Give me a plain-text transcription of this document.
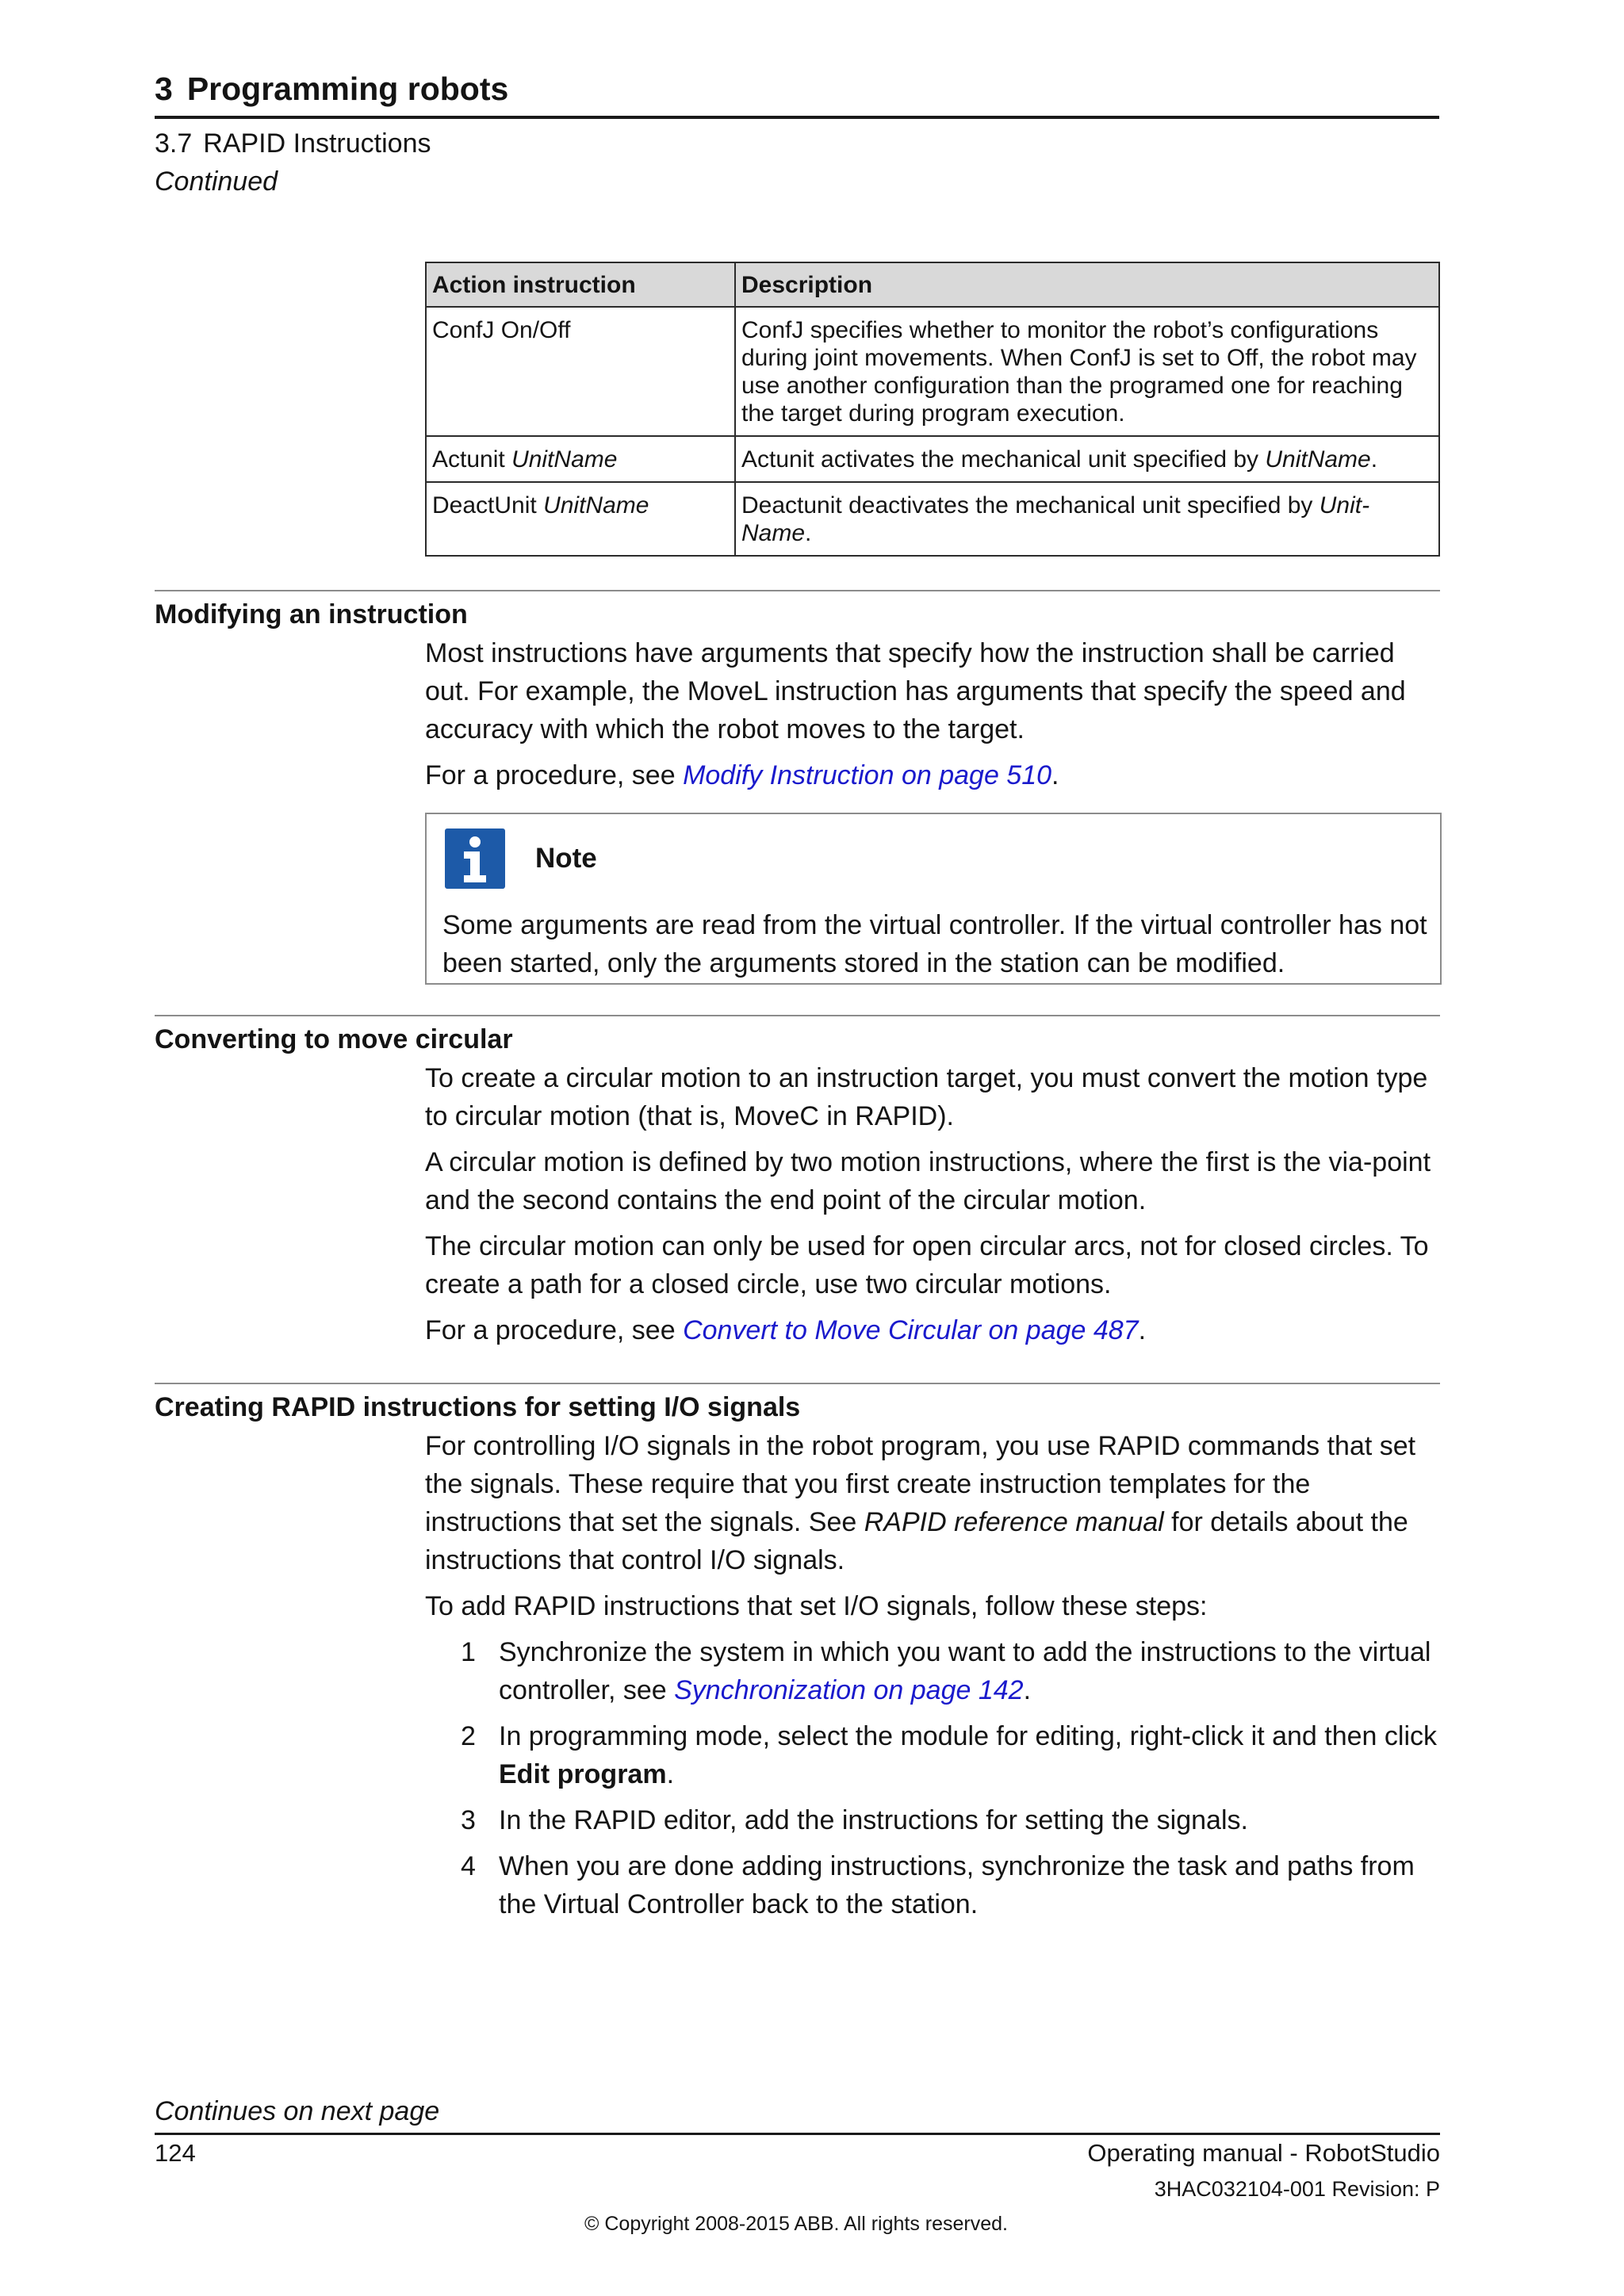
3 Programming robots
3.7 RAPID Instructions
Continued
Action instruction	Description
ConfJ On/Off	ConfJ specifies whether to monitor the robot’s configurations during joint movements. When ConfJ is set to Off, the robot may use another configuration than the programed one for reaching the target during program execution.
Actunit UnitName	Actunit activates the mechanical unit specified by UnitName.
DeactUnit UnitName	Deactunit deactivates the mechanical unit specified by Unit-Name.
Modifying an instruction

Most instructions have arguments that specify how the instruction shall be carried out. For example, the MoveL instruction has arguments that specify the speed and accuracy with which the robot moves to the target.

For a procedure, see Modify Instruction on page 510.

Note
Some arguments are read from the virtual controller. If the virtual controller has not been started, only the arguments stored in the station can be modified.
Converting to move circular

To create a circular motion to an instruction target, you must convert the motion type to circular motion (that is, MoveC in RAPID).

A circular motion is defined by two motion instructions, where the first is the via-point and the second contains the end point of the circular motion.

The circular motion can only be used for open circular arcs, not for closed circles. To create a path for a closed circle, use two circular motions.

For a procedure, see Convert to Move Circular on page 487.

Creating RAPID instructions for setting I/O signals

For controlling I/O signals in the robot program, you use RAPID commands that set the signals. These require that you first create instruction templates for the instructions that set the signals. See RAPID reference manual for details about the instructions that control I/O signals.

To add RAPID instructions that set I/O signals, follow these steps:

1 Synchronize the system in which you want to add the instructions to the virtual controller, see Synchronization on page 142.
2 In programming mode, select the module for editing, right-click it and then click Edit program.
3 In the RAPID editor, add the instructions for setting the signals.
4 When you are done adding instructions, synchronize the task and paths from the Virtual Controller back to the station.
Continues on next page
124	Operating manual - RobotStudio
3HAC032104-001 Revision: P
© Copyright 2008-2015 ABB. All rights reserved.
